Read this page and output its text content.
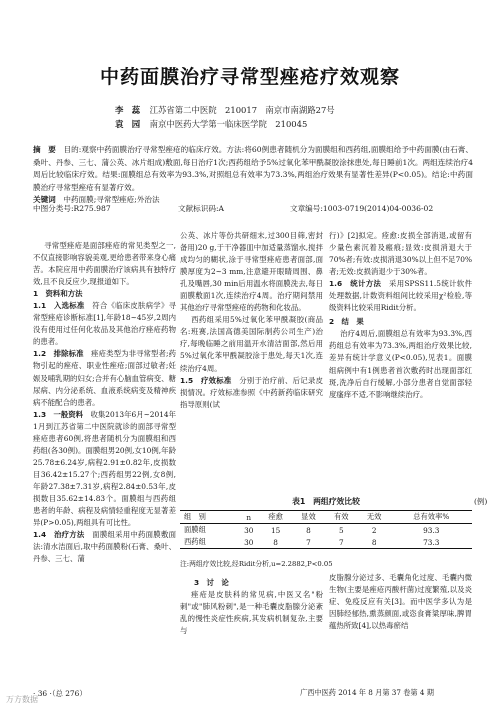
中药面膜治疗寻常型痤疮疗效观察
李　蕊 江苏省第二中医院　210017　南京市南湖路27号
袁　园 南京中医药大学第一临床医学院　210045
摘　要　 目的:观察中药面膜治疗寻常型痤疮的临床疗效。方法:将60例患者随机分为面膜组和西药组,面膜组给予中药面膜(由石膏、桑叶、丹参、三七、蒲公英、冰片组成)敷面,每日治疗1次;西药组给予5%过氧化苯甲酰凝胶涂抹患处,每日睡前1次。两组连续治疗4周后比较临床疗效。结果:面膜组总有效率为93.3%,对照组总有效率为73.3%,两组治疗效果有显著性差异(P<0.05)。结论:中药面膜治疗寻常型痤疮有显著疗效。
关键词　 中药面膜;寻常型痤疮;外治法
中图分类号:R275.987	文献标识码:A	文章编号:1003-0719(2014)04-0036-02

寻常型痤疮是面部痤疮的常见类型之一,不仅直接影响容貌美观,更给患者带来身心痛苦。本院应用中药面膜治疗该病具有独特疗效,且不良反应少,现报道如下。

1　资料和方法

1.1　入选标准　 符合《临床皮肤病学》寻常型痤疮诊断标准[1],年龄18~45岁,2周内没有使用过任何化妆品及其他治疗痤疮药物的患者。

1.2　排除标准　 痤疮类型为非寻常型者;药物引起的痤疮、职业性痤疮;面部过敏者;妊娠及哺乳期的妇女;合并有心脑血管病变、糖尿病、内分泌系统、血液系统病变及精神疾病不能配合的患者。

1.3　一般资料　 收集2013年6月~2014年1月到江苏省第二中医院就诊的面部寻常型痤疮患者60例,将患者随机分为面膜组和西药组(各30例)。面膜组男20例,女10例,年龄25.78±6.24岁,病程2.91±0.82年,皮损数目36.42±15.27个;西药组男22例,女8例,年龄27.38±7.31岁,病程2.84±0.53年,皮损数目35.62±14.83个。面膜组与西药组患者的年龄、病程及病情轻重程度无显著差异(P>0.05),两组具有可比性。

1.4　治疗方法　 面膜组采用中药面膜敷面法:清水洁面后,取中药面膜粉(石膏、桑叶、丹参、三七、蒲

公英、冰片等份共研细末,过300目筛,密封备用)20 g,于干净器皿中加适量蒸馏水,搅拌成均匀的糊状,涂于寻常型痤疮患者面部,面膜厚度为2~3 mm,注意避开眼睛周围、鼻孔及嘴唇,30 min后用温水将面膜洗去,每日面膜敷面1次,连续治疗4周。治疗期间禁用其他治疗寻常型痤疮的药物和化妆品。

西药组采用5%过氧化苯甲酰凝胶(商品名:班赛,法国高德美国际制药公司生产)治疗,每晚临睡之前用温开水清洁面部,然后用5%过氧化苯甲酰凝胶涂于患处,每天1次,连续治疗4周。

1.5　疗效标准　 分别于治疗前、后记录皮损情况。疗效标准参照《中药新药临床研究指导原则(试

行)》[2]拟定。痊愈:皮损全部消退,或留有少量色素沉着及瘢痕;显效:皮损消退大于70%者;有效:皮损消退30%以上但不足70%者;无效:皮损消退少于30%者。

1.6　统计方法　 采用SPSS11.5统计软件处理数据,计数资料组间比较采用χ²检验,等级资料比较采用Ridit分析。

2　结　果

治疗4周后,面膜组总有效率为93.3%,西药组总有效率为73.3%,两组治疗效果比较,差异有统计学意义(P<0.05),见表1。面膜组病例中有1例患者首次敷药时出现面部红斑,洗净后自行缓解,小部分患者自觉面部轻度瘙痒不适,不影响继续治疗。

表1　两组疗效比较	(例)
组　别	n	痊愈	显效	有效	无效	总有效率%
面膜组	30	15	8	5	2	93.3
西药组	30	8	7	7	8	73.3
注:两组疗效比较,经Ridit分析,u=2.2882,P<0.05

3　讨　论

痤疮是皮肤科的常见病,中医又名"粉刺"或"肺风粉刺",是一种毛囊皮脂腺分泌紊乱的慢性炎症性疾病,其发病机制复杂,主要与

皮脂腺分泌过多、毛囊角化过度、毛囊内微生物(主要是痤疮丙酸杆菌)过度繁殖,以及炎症、免疫反应有关[3]。而中医学多认为是因肺经郁热,熏蒸颜面,或恣食膏粱厚味,脾胃蕴热所致[4],以热毒瘀结

· 36 ·（总 276）	广西中医药 2014 年 8 月第 37 卷第 4 期
万方数据
